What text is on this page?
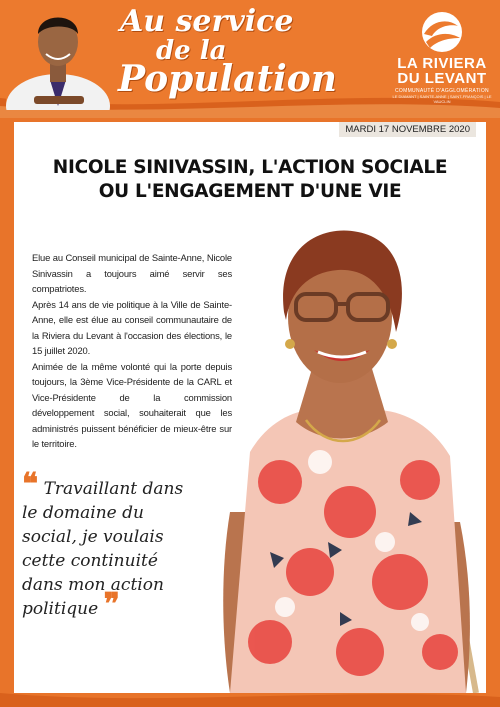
Au service
de la
Population	LA RIVIERA
DU LEVANT
COMMUNAUTÉ D'AGGLOMÉRATION
LE DIAMANT | SAINTE-ANNE | SAINT-FRANÇOIS | LE VAUCLIN
MARDI 17 NOVEMBRE 2020
NICOLE SINIVASSIN, L'ACTION SOCIALE
OU L'ENGAGEMENT D'UNE VIE

Elue au Conseil municipal de Sainte-Anne, Nicole Sinivassin a toujours aimé servir ses compatriotes.

Après 14 ans de vie politique à la Ville de Sainte-Anne, elle est élue au conseil communautaire de la Riviera du Levant à l'occasion des élections, le 15 juillet 2020.

Animée de la même volonté qui la porte depuis toujours, la 3ème Vice-Présidente de la CARL et Vice-Présidente de la commission développement social, souhaiterait que les administrés puissent bénéficier de mieux-être sur le territoire.

❝ Travaillant dans le domaine du social, je voulais cette continuité dans mon action politique ❞
